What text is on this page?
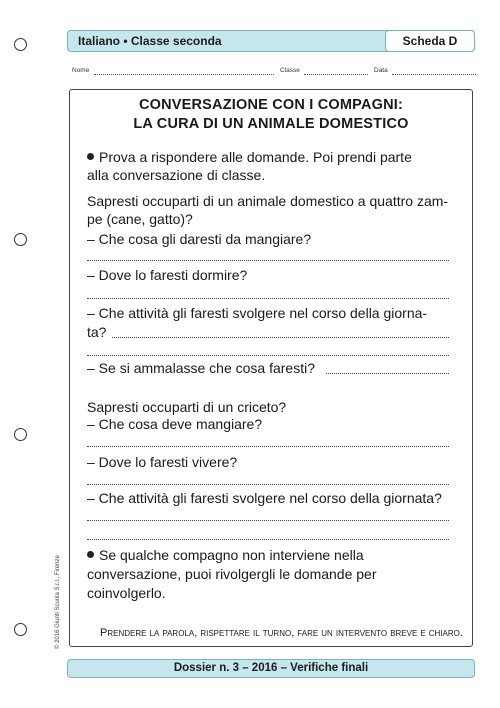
Italiano • Classe seconda	Scheda D
Nome	Classe	Data
CONVERSAZIONE CON I COMPAGNI:
LA CURA DI UN ANIMALE DOMESTICO
Prova a rispondere alle domande. Poi prendi parte
alla conversazione di classe.
Sapresti occuparti di un animale domestico a quattro zam-
pe (cane, gatto)?
– Che cosa gli daresti da mangiare?
– Dove lo faresti dormire?
– Che attività gli faresti svolgere nel corso della giorna-
ta?
– Se si ammalasse che cosa faresti?
Sapresti occuparti di un criceto?
– Che cosa deve mangiare?
– Dove lo faresti vivere?
– Che attività gli faresti svolgere nel corso della giornata?
Se qualche compagno non interviene nella
conversazione, puoi rivolgergli le domande per
coinvolgerlo.
Prendere la parola, rispettare il turno, fare un intervento breve e chiaro.
© 2016 Giunti Scuola S.r.l., Firenze
Dossier n. 3 – 2016 – Verifiche finali
